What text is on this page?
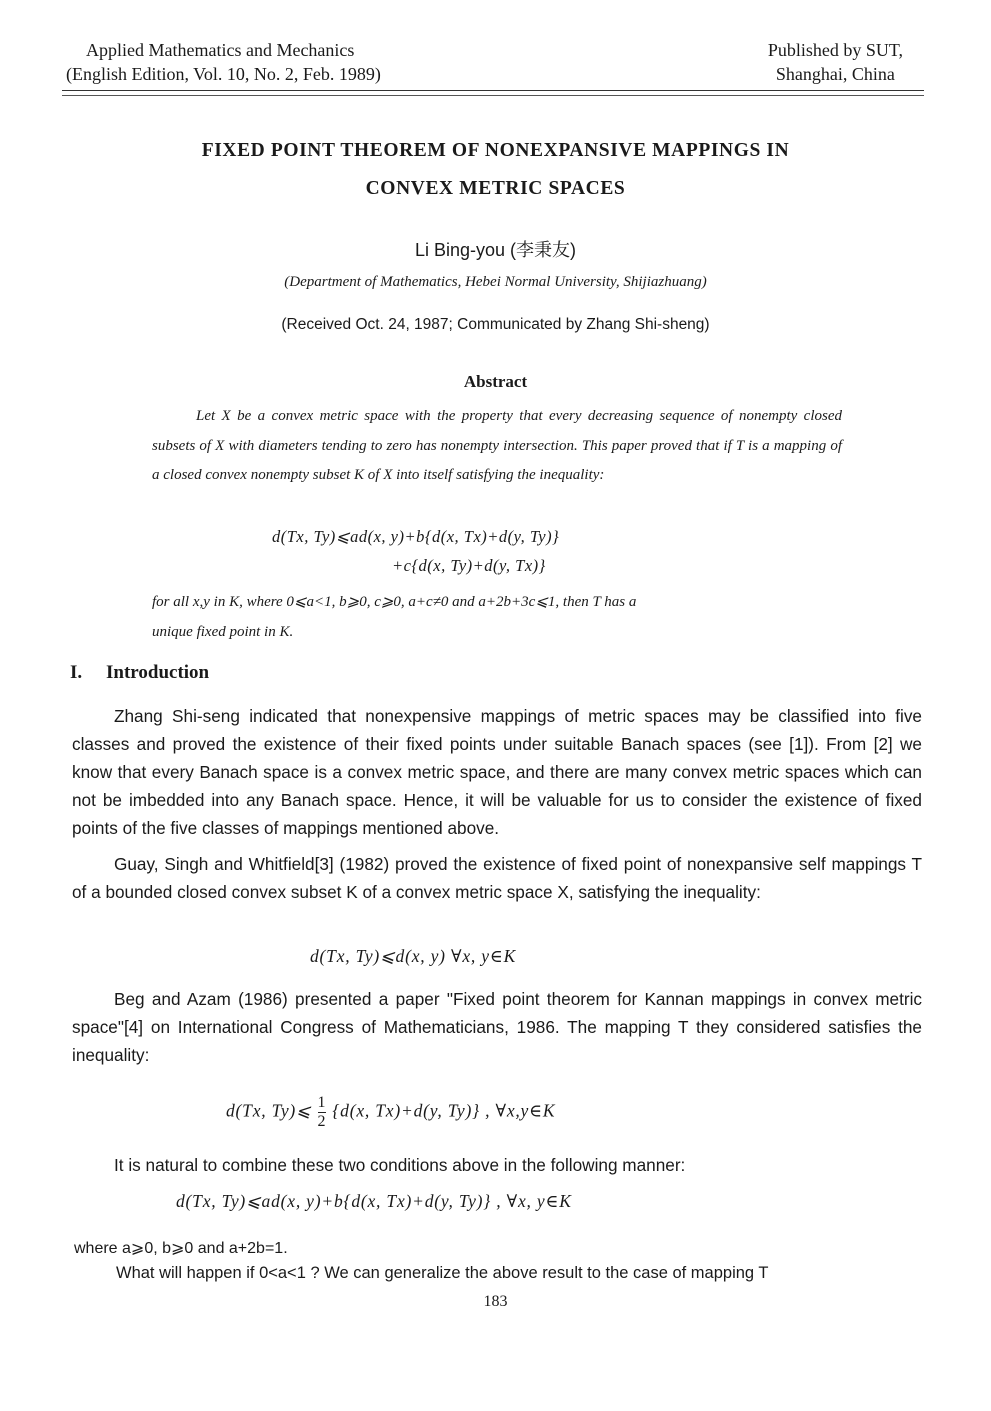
Applied Mathematics and Mechanics
(English Edition, Vol. 10, No. 2, Feb. 1989)
Published by SUT,
Shanghai, China
FIXED POINT THEOREM OF NONEXPANSIVE MAPPINGS IN
CONVEX METRIC SPACES
Li Bing-you (李秉友)
(Department of Mathematics, Hebei Normal University, Shijiazhuang)
(Received Oct. 24, 1987; Communicated by Zhang Shi-sheng)
Abstract
Let X be a convex metric space with the property that every decreasing sequence of nonempty closed subsets of X with diameters tending to zero has nonempty intersection. This paper proved that if T is a mapping of a closed convex nonempty subset K of X into itself satisfying the inequality:
d(Tx, Ty)⩽ad(x, y)+b{d(x, Tx)+d(y, Ty)}
+c{d(x, Ty)+d(y, Tx)}
for all x,y in K, where 0⩽a<1, b⩾0, c⩾0, a+c≠0 and a+2b+3c⩽1, then T has a
unique fixed point in K.
I. Introduction
Zhang Shi-seng indicated that nonexpensive mappings of metric spaces may be classified into five classes and proved the existence of their fixed points under suitable Banach spaces (see [1]). From [2] we know that every Banach space is a convex metric space, and there are many convex metric spaces which can not be imbedded into any Banach space. Hence, it will be valuable for us to consider the existence of fixed points of the five classes of mappings mentioned above.
Guay, Singh and Whitfield[3] (1982) proved the existence of fixed point of nonexpansive self mappings T of a bounded closed convex subset K of a convex metric space X, satisfying the inequality:
d(Tx, Ty)⩽d(x, y) ∀x, y∈K
Beg and Azam (1986) presented a paper "Fixed point theorem for Kannan mappings in convex metric space"[4] on International Congress of Mathematicians, 1986. The mapping T they considered satisfies the inequality:
d(Tx, Ty)⩽ $\frac{1}{2} \{d(x$, Tx)+d(y, Ty)} , ∀x,y∈K
It is natural to combine these two conditions above in the following manner:
d(Tx, Ty)⩽ad(x, y)+b{d(x, Tx)+d(y, Ty)} , ∀x, y∈K
where a⩾0, b⩾0 and a+2b=1.
What will happen if 0<a<1 ? We can generalize the above result to the case of mapping T
183
